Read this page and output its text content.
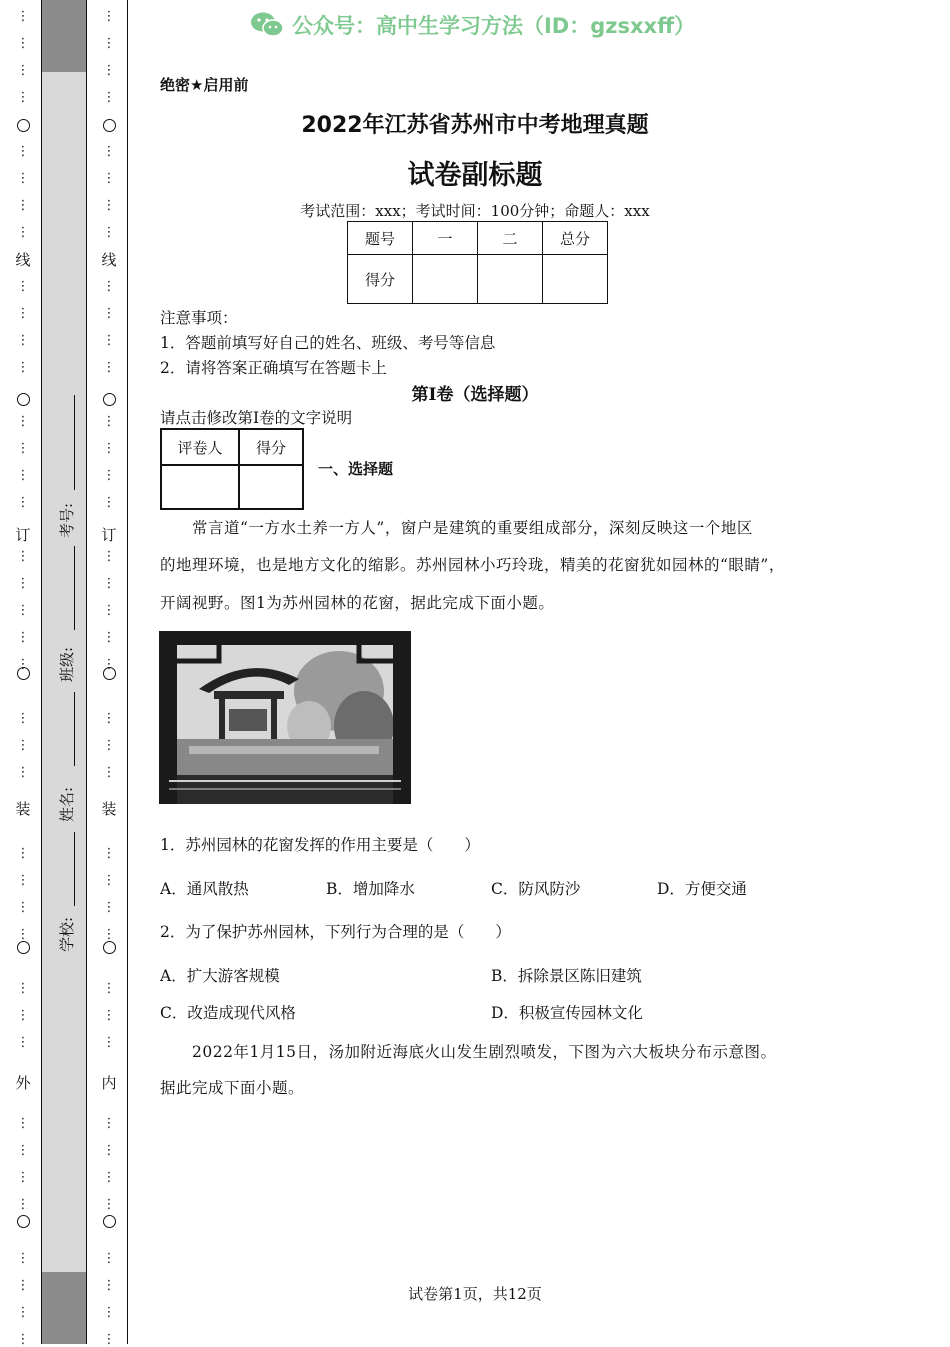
⋮
⋮
⋮
⋮
⋮
⋮
⋮
⋮
⋮
⋮
⋮
⋮
⋮
⋮
⋮
⋮
⋮
⋮
⋮
⋮
⋮
⋮
⋮
⋮
⋮
⋮
⋮
⋮
⋮
⋮
⋮
⋮
⋮
⋮
⋮
⋮
⋮
⋮
⋮
⋮
⋮
⋮
⋮
⋮
⋮
⋮
⋮
⋮
⋮
⋮
⋮
⋮
⋮
⋮
⋮
⋮
⋮
⋮
⋮
⋮
⋮
⋮
⋮
⋮
⋮
⋮
⋮
⋮
⋮
⋮
⋮
⋮
⋮
⋮
⋮
⋮
⋮
⋮
线
订
装
外
线
订
装
内
学校:
姓名:
班级:
考号:
公众号：高中生学习方法（ID：gzsxxff）
绝密★启用前
2022年江苏省苏州市中考地理真题
试卷副标题
考试范围：xxx；考试时间：100分钟；命题人：xxx
题号	一	二	总分
得分			
注意事项：
1．答题前填写好自己的姓名、班级、考号等信息
2．请将答案正确填写在答题卡上
第I卷（选择题）
请点击修改第I卷的文字说明
评卷人	得分

一、选择题
常言道“一方水土养一方人”，窗户是建筑的重要组成部分，深刻反映这一个地区
的地理环境，也是地方文化的缩影。苏州园林小巧玲珑，精美的花窗犹如园林的“眼睛”，
开阔视野。图1为苏州园林的花窗，据此完成下面小题。
1．苏州园林的花窗发挥的作用主要是（　　）
A．通风散热	B．增加降水	C．防风防沙	D．方便交通
2．为了保护苏州园林，下列行为合理的是（　　）
A．扩大游客规模	B．拆除景区陈旧建筑
C．改造成现代风格	D．积极宣传园林文化
2022年1月15日，汤加附近海底火山发生剧烈喷发，下图为六大板块分布示意图。
据此完成下面小题。
试卷第1页，共12页
